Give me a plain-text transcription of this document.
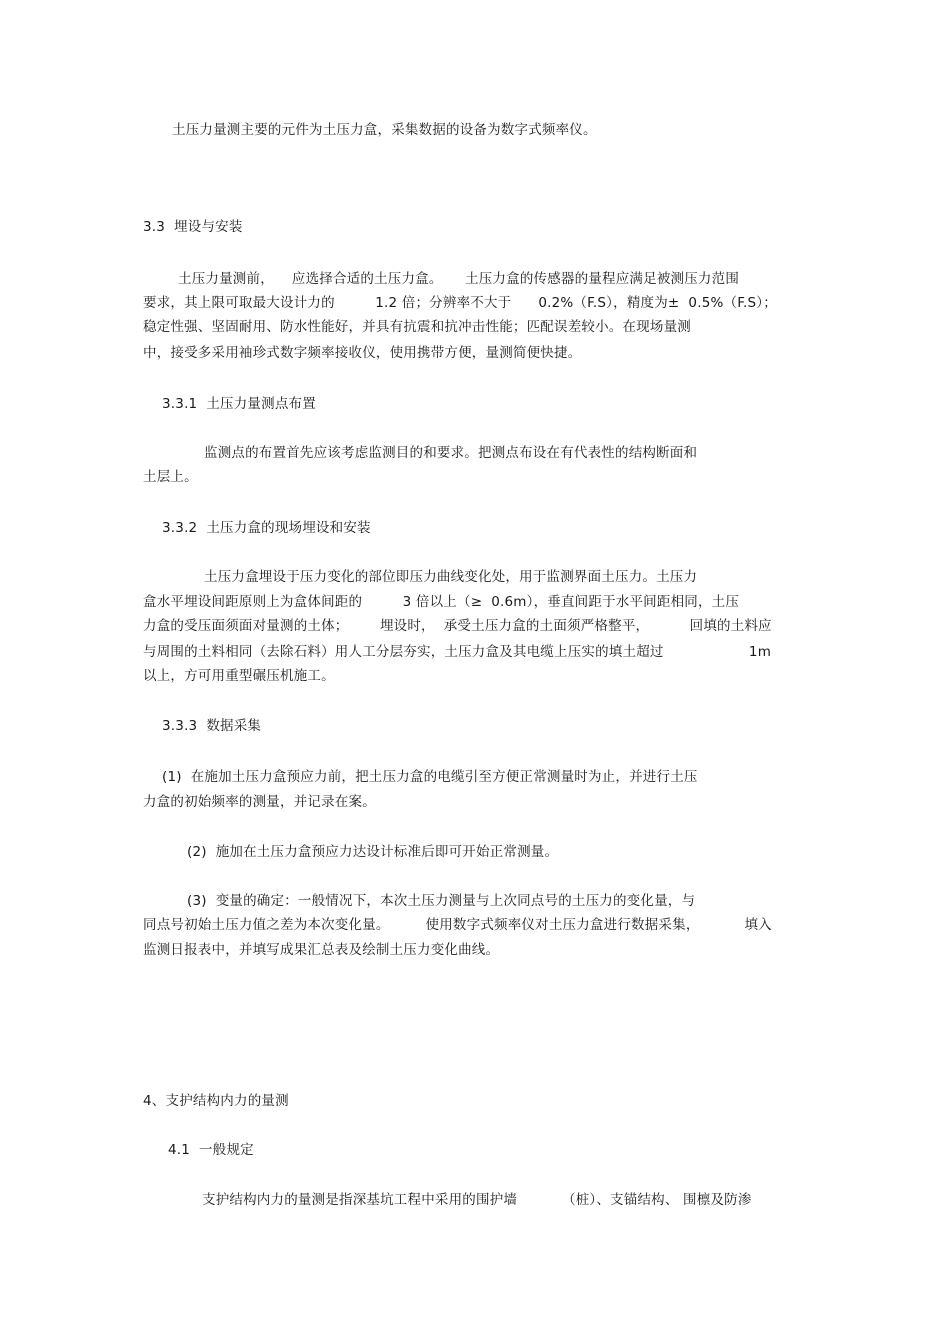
土压力量测主要的元件为土压力盒，采集数据的设备为数字式频率仪。
3.3  埋设与安装
土压力量测前，    应选择合适的土压力盒。     土压力盒的传感器的量程应满足被测压力范围
要求，其上限可取最大设计力的         1.2 倍；分辨率不大于      0.2%（F.S），精度为±  0.5%（F.S）；
稳定性强、坚固耐用、防水性能好，并具有抗震和抗冲击性能；匹配误差较小。在现场量测
中，接受多采用袖珍式数字频率接收仪，使用携带方便，量测简便快捷。
3.3.1  土压力量测点布置
监测点的布置首先应该考虑监测目的和要求。把测点布设在有代表性的结构断面和
土层上。
3.3.2  土压力盒的现场埋设和安装
土压力盒埋设于压力变化的部位即压力曲线变化处，用于监测界面土压力。土压力
盒水平埋设间距原则上为盒体间距的         3 倍以上（≥  0.6m），垂直间距于水平间距相同，土压
力盒的受压面须面对量测的土体；       埋设时，  承受土压力盒的土面须严格整平，         回填的土料应
与周围的土料相同（去除石料）用人工分层夯实，土压力盒及其电缆上压实的填土超过                   1m
以上，方可用重型碾压机施工。
3.3.3  数据采集
(1)  在施加土压力盒预应力前，把土压力盒的电缆引至方便正常测量时为止，并进行土压
力盒的初始频率的测量，并记录在案。
(2)  施加在土压力盒预应力达设计标准后即可开始正常测量。
(3)  变量的确定：一般情况下，本次土压力测量与上次同点号的土压力的变化量，与
同点号初始土压力值之差为本次变化量。        使用数字式频率仪对土压力盒进行数据采集，          填入
监测日报表中，并填写成果汇总表及绘制土压力变化曲线。
4、支护结构内力的量测
4.1  一般规定
支护结构内力的量测是指深基坑工程中采用的围护墙          （桩）、支锚结构、 围檩及防渗
